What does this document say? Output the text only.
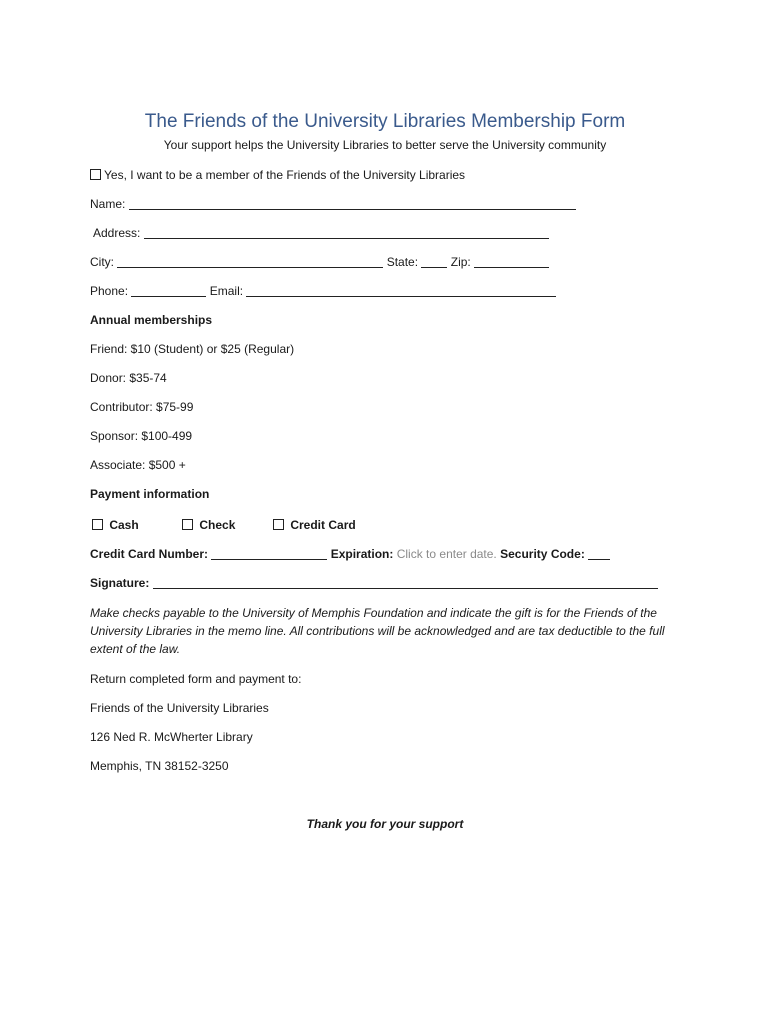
The Friends of the University Libraries Membership Form
Your support helps the University Libraries to better serve the University community
Yes, I want to be a member of the Friends of the University Libraries
Name:
Address:
City:	State:	Zip:
Phone:	Email:
Annual memberships
Friend: $10 (Student) or $25 (Regular)
Donor: $35-74
Contributor: $75-99
Sponsor: $100-499
Associate: $500 +
Payment information
Cash	Check	Credit Card
Credit Card Number:	Expiration: Click to enter date. Security Code:
Signature:
Make checks payable to the University of Memphis Foundation and indicate the gift is for the Friends of the University Libraries in the memo line. All contributions will be acknowledged and are tax deductible to the full extent of the law.
Return completed form and payment to:
Friends of the University Libraries
126 Ned R. McWherter Library
Memphis, TN 38152-3250
Thank you for your support
